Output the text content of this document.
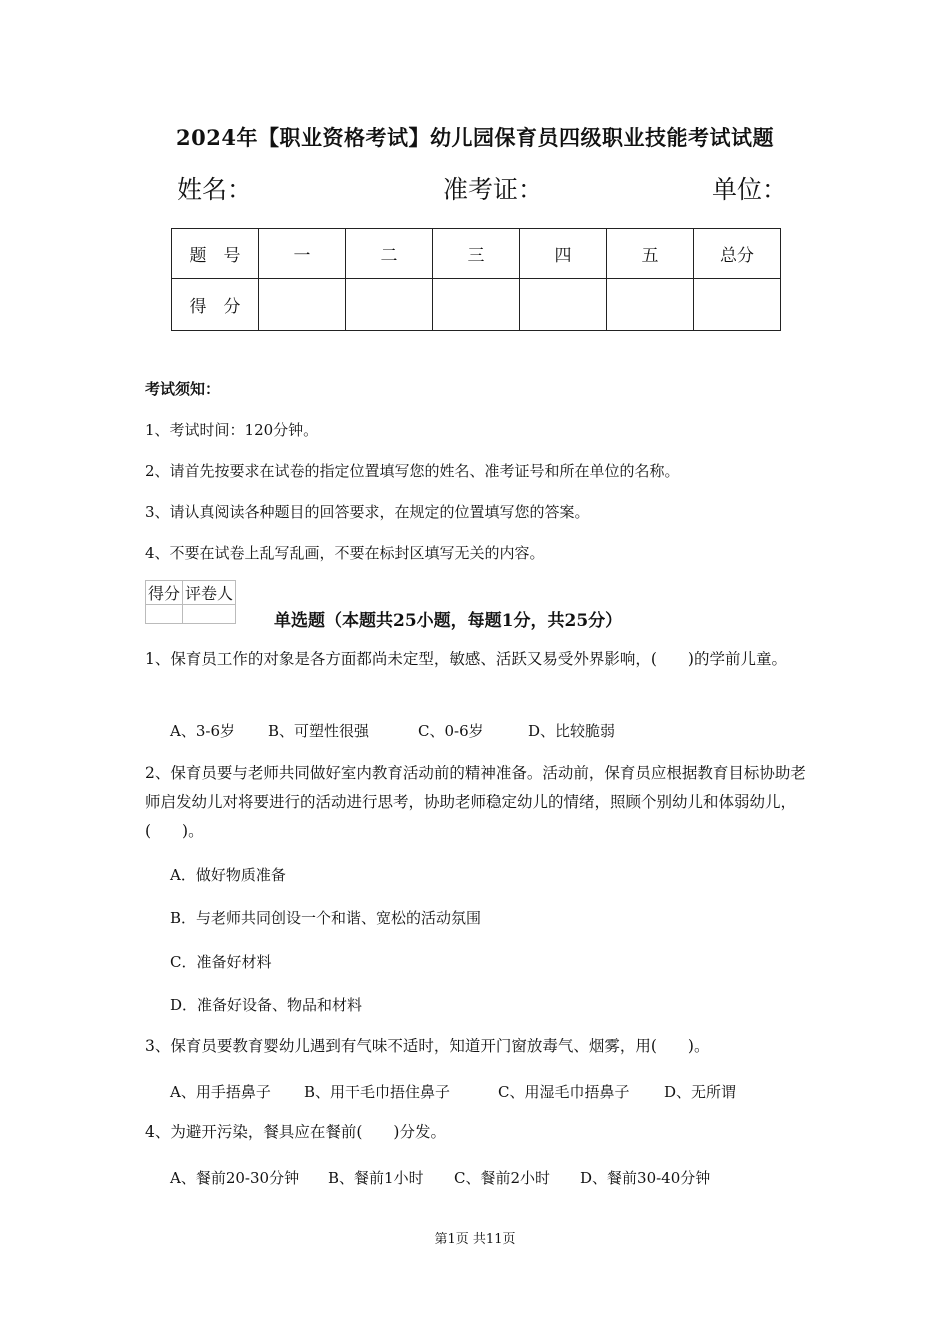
2024年【职业资格考试】幼儿园保育员四级职业技能考试试题
姓名：	准考证：	单位：
题　号	一	二	三	四	五	总分
得　分						
考试须知：
1、考试时间：120分钟。
2、请首先按要求在试卷的指定位置填写您的姓名、准考证号和所在单位的名称。
3、请认真阅读各种题目的回答要求，在规定的位置填写您的答案。
4、不要在试卷上乱写乱画，不要在标封区填写无关的内容。
得分	评卷人

单选题（本题共25小题，每题1分，共25分）
1、保育员工作的对象是各方面都尚未定型，敏感、活跃又易受外界影响，(　　)的学前儿童。
A、3-6岁 B、可塑性很强	C、0-6岁	D、比较脆弱
2、保育员要与老师共同做好室内教育活动前的精神准备。活动前，保育员应根据教育目标协助老师启发幼儿对将要进行的活动进行思考，协助老师稳定幼儿的情绪，照顾个别幼儿和体弱幼儿，(　　)。
A．做好物质准备
B．与老师共同创设一个和谐、宽松的活动氛围
C．准备好材料
D．准备好设备、物品和材料
3、保育员要教育婴幼儿遇到有气味不适时，知道开门窗放毒气、烟雾，用(　　)。
A、用手捂鼻子 B、用干毛巾捂住鼻子	C、用湿毛巾捂鼻子 D、无所谓
4、为避开污染，餐具应在餐前(　　)分发。
A、餐前20-30分钟 B、餐前1小时 C、餐前2小时 D、餐前30-40分钟
第1页 共11页
